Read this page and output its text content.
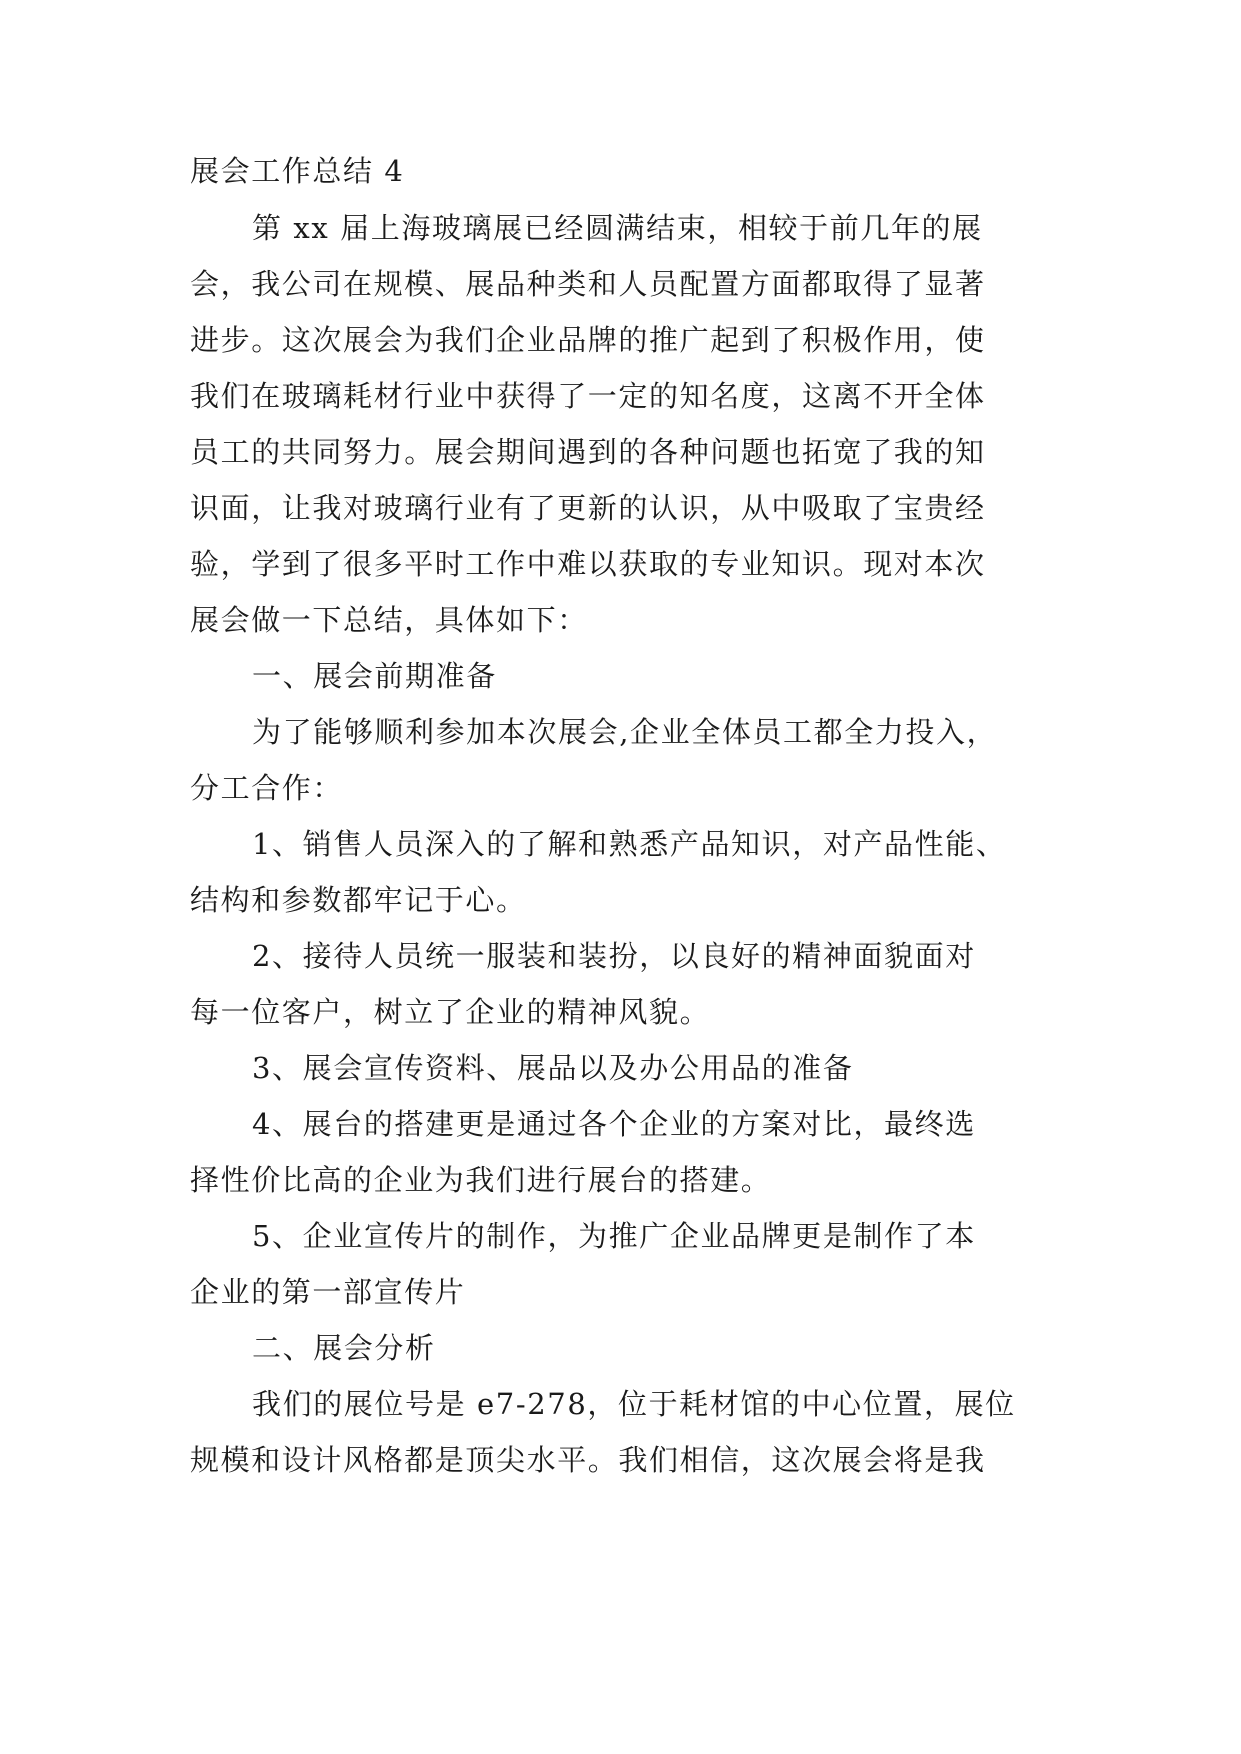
展会工作总结 4
第 xx 届上海玻璃展已经圆满结束，相较于前几年的展
会，我公司在规模、展品种类和人员配置方面都取得了显著
进步。这次展会为我们企业品牌的推广起到了积极作用，使
我们在玻璃耗材行业中获得了一定的知名度，这离不开全体
员工的共同努力。展会期间遇到的各种问题也拓宽了我的知
识面，让我对玻璃行业有了更新的认识，从中吸取了宝贵经
验，学到了很多平时工作中难以获取的专业知识。现对本次
展会做一下总结，具体如下：
一、展会前期准备
为了能够顺利参加本次展会,企业全体员工都全力投入，
分工合作：
1、销售人员深入的了解和熟悉产品知识，对产品性能、
结构和参数都牢记于心。
2、接待人员统一服装和装扮，以良好的精神面貌面对
每一位客户，树立了企业的精神风貌。
3、展会宣传资料、展品以及办公用品的准备
4、展台的搭建更是通过各个企业的方案对比，最终选
择性价比高的企业为我们进行展台的搭建。
5、企业宣传片的制作，为推广企业品牌更是制作了本
企业的第一部宣传片
二、展会分析
我们的展位号是 e7-278，位于耗材馆的中心位置，展位
规模和设计风格都是顶尖水平。我们相信，这次展会将是我
